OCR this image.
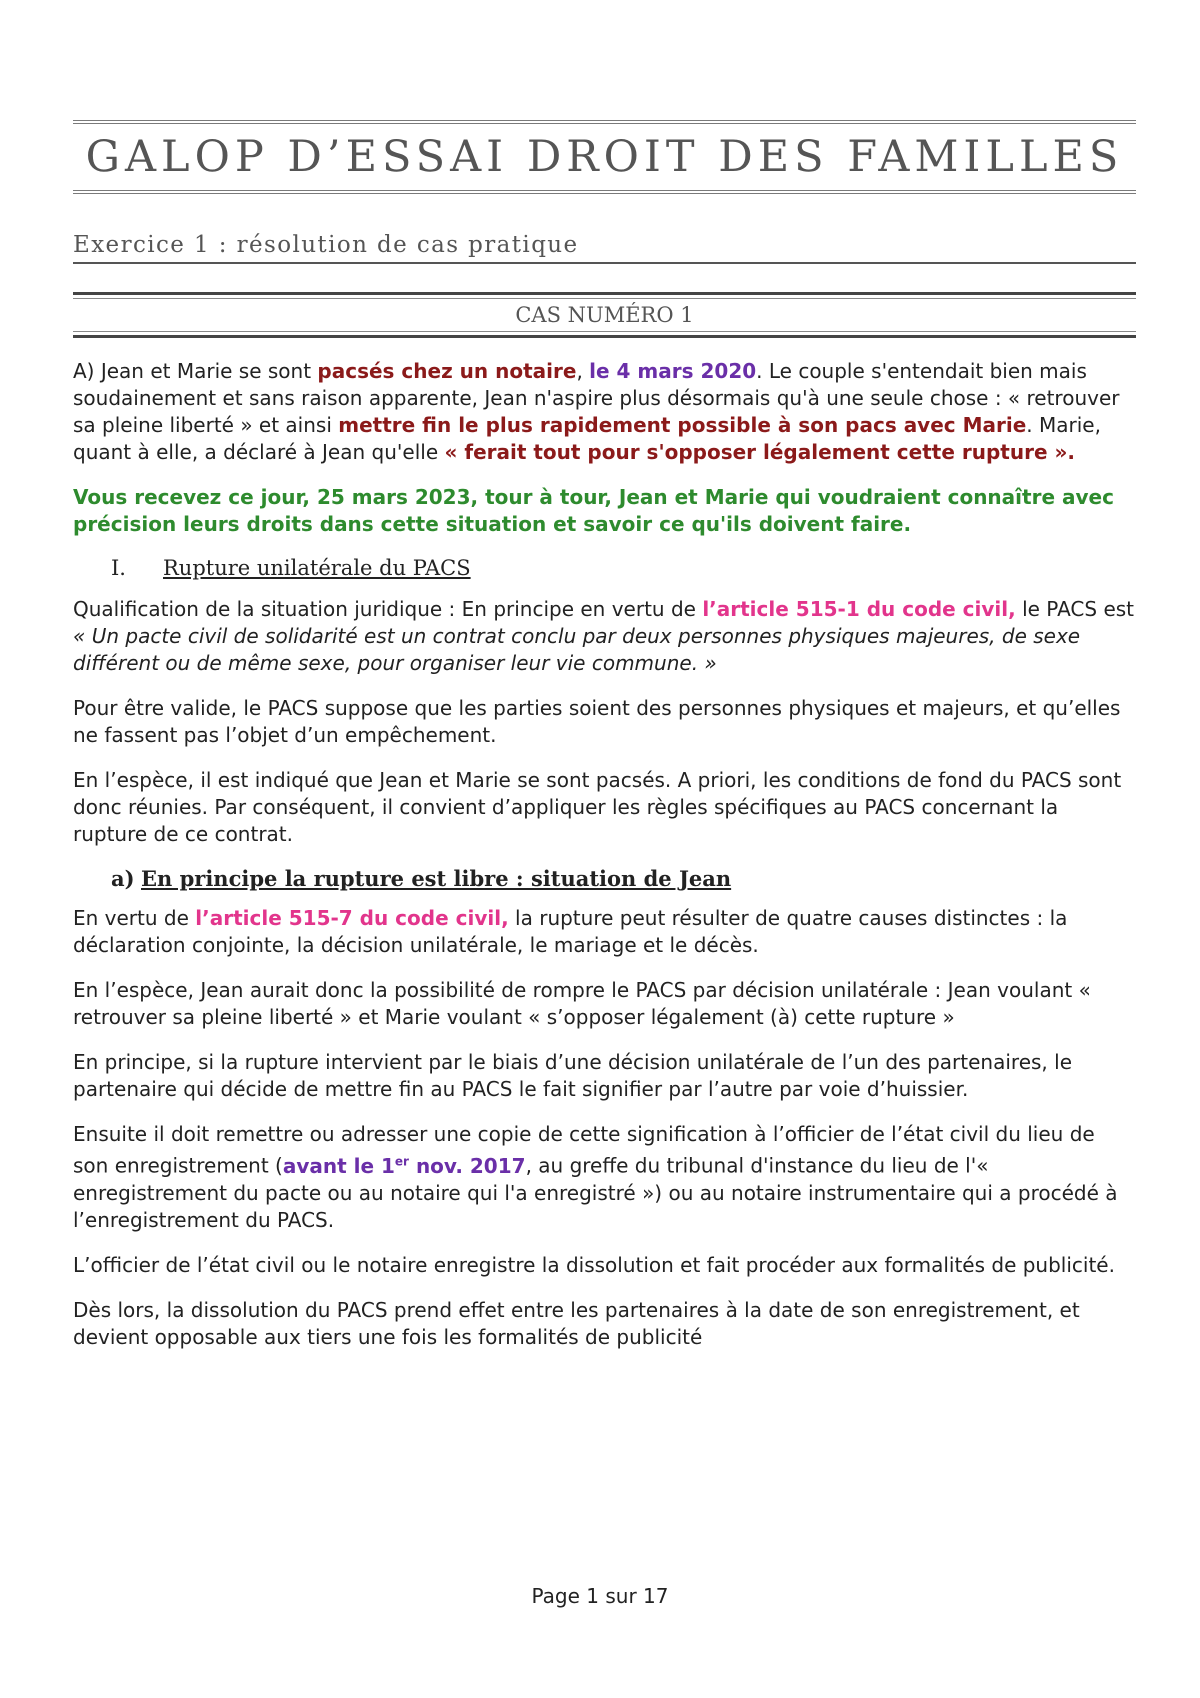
GALOP D’ESSAI DROIT DES FAMILLES
Exercice 1 : résolution de cas pratique
CAS NUMÉRO 1

A) Jean et Marie se sont pacsés chez un notaire, le 4 mars 2020. Le couple s'entendait bien mais soudainement et sans raison apparente, Jean n'aspire plus désormais qu'à une seule chose : « retrouver sa pleine liberté » et ainsi mettre fin le plus rapidement possible à son pacs avec Marie. Marie, quant à elle, a déclaré à Jean qu'elle « ferait tout pour s'opposer légalement cette rupture ».

Vous recevez ce jour, 25 mars 2023, tour à tour, Jean et Marie qui voudraient connaître avec précision leurs droits dans cette situation et savoir ce qu'ils doivent faire.

I. Rupture unilatérale du PACS

Qualification de la situation juridique : En principe en vertu de l’article 515-1 du code civil, le PACS est « Un pacte civil de solidarité est un contrat conclu par deux personnes physiques majeures, de sexe différent ou de même sexe, pour organiser leur vie commune. »

Pour être valide, le PACS suppose que les parties soient des personnes physiques et majeurs, et qu’elles ne fassent pas l’objet d’un empêchement.

En l’espèce, il est indiqué que Jean et Marie se sont pacsés. A priori, les conditions de fond du PACS sont donc réunies. Par conséquent, il convient d’appliquer les règles spécifiques au PACS concernant la rupture de ce contrat.

a) En principe la rupture est libre : situation de Jean

En vertu de l’article 515-7 du code civil, la rupture peut résulter de quatre causes distinctes : la déclaration conjointe, la décision unilatérale, le mariage et le décès.

En l’espèce, Jean aurait donc la possibilité de rompre le PACS par décision unilatérale : Jean voulant « retrouver sa pleine liberté » et Marie voulant « s’opposer légalement (à) cette rupture »

En principe, si la rupture intervient par le biais d’une décision unilatérale de l’un des partenaires, le partenaire qui décide de mettre fin au PACS le fait signifier par l’autre par voie d’huissier.

Ensuite il doit remettre ou adresser une copie de cette signification à l’officier de l’état civil du lieu de son enregistrement (avant le 1er nov. 2017, au greffe du tribunal d'instance du lieu de l'« enregistrement du pacte ou au notaire qui l'a enregistré ») ou au notaire instrumentaire qui a procédé à l’enregistrement du PACS.

L’officier de l’état civil ou le notaire enregistre la dissolution et fait procéder aux formalités de publicité.

Dès lors, la dissolution du PACS prend effet entre les partenaires à la date de son enregistrement, et devient opposable aux tiers une fois les formalités de publicité

Page 1 sur 17
